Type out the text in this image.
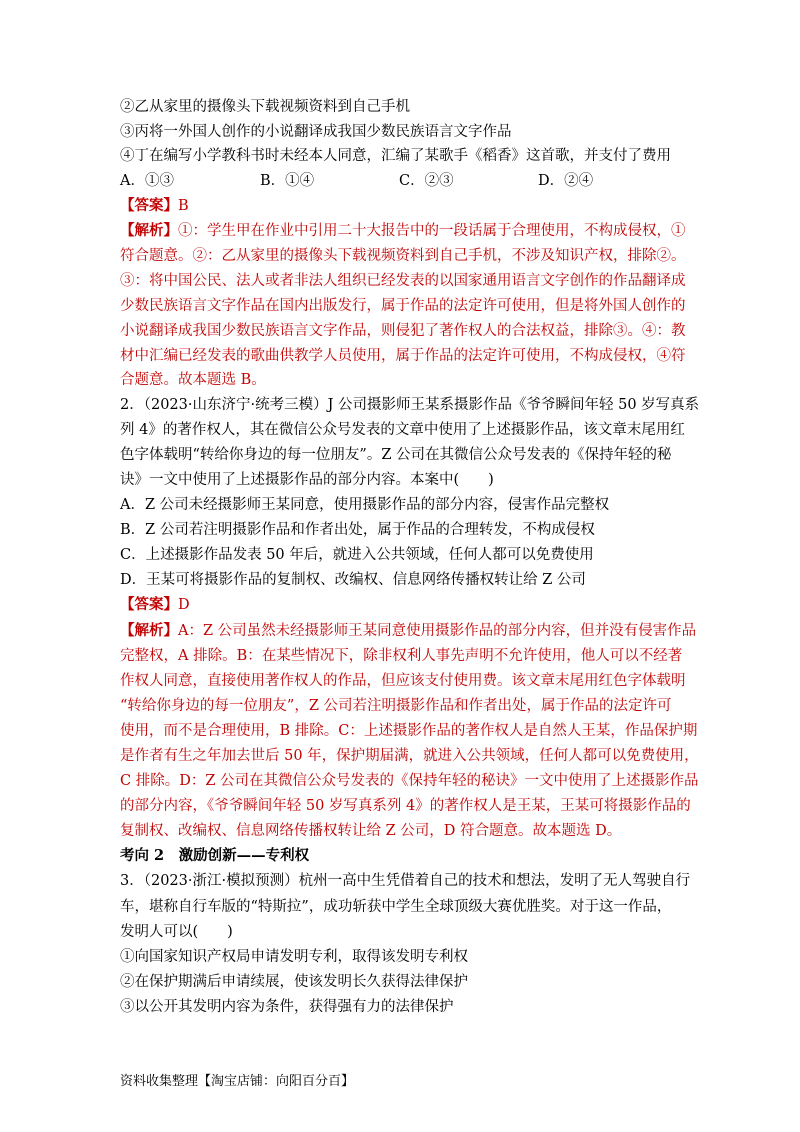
②乙从家里的摄像头下载视频资料到自己手机
③丙将一外国人创作的小说翻译成我国少数民族语言文字作品
④丁在编写小学教科书时未经本人同意，汇编了某歌手《稻香》这首歌，并支付了费用
A．①③	B．①④	C．②③	D．②④
【答案】B
【解析】①：学生甲在作业中引用二十大报告中的一段话属于合理使用，不构成侵权，①
符合题意。②：乙从家里的摄像头下载视频资料到自己手机，不涉及知识产权，排除②。
③：将中国公民、法人或者非法人组织已经发表的以国家通用语言文字创作的作品翻译成
少数民族语言文字作品在国内出版发行，属于作品的法定许可使用，但是将外国人创作的
小说翻译成我国少数民族语言文字作品，则侵犯了著作权人的合法权益，排除③。④：教
材中汇编已经发表的歌曲供教学人员使用，属于作品的法定许可使用，不构成侵权，④符
合题意。故本题选 B。
2．（2023·山东济宁·统考三模）J 公司摄影师王某系摄影作品《爷爷瞬间年轻 50 岁写真系
列 4》的著作权人，其在微信公众号发表的文章中使用了上述摄影作品，该文章末尾用红
色字体载明“转给你身边的每一位朋友”。Z 公司在其微信公众号发表的《保持年轻的秘
诀》一文中使用了上述摄影作品的部分内容。本案中(　　)
A．Z 公司未经摄影师王某同意，使用摄影作品的部分内容，侵害作品完整权
B．Z 公司若注明摄影作品和作者出处，属于作品的合理转发，不构成侵权
C．上述摄影作品发表 50 年后，就进入公共领域，任何人都可以免费使用
D．王某可将摄影作品的复制权、改编权、信息网络传播权转让给 Z 公司
【答案】D
【解析】A：Z 公司虽然未经摄影师王某同意使用摄影作品的部分内容，但并没有侵害作品
完整权，A 排除。B：在某些情况下，除非权利人事先声明不允许使用，他人可以不经著
作权人同意，直接使用著作权人的作品，但应该支付使用费。该文章末尾用红色字体载明
“转给你身边的每一位朋友”，Z 公司若注明摄影作品和作者出处，属于作品的法定许可
使用，而不是合理使用，B 排除。C：上述摄影作品的著作权人是自然人王某，作品保护期
是作者有生之年加去世后 50 年，保护期届满，就进入公共领域，任何人都可以免费使用，
C 排除。D：Z 公司在其微信公众号发表的《保持年轻的秘诀》一文中使用了上述摄影作品
的部分内容，《爷爷瞬间年轻 50 岁写真系列 4》的著作权人是王某，王某可将摄影作品的
复制权、改编权、信息网络传播权转让给 Z 公司，D 符合题意。故本题选 D。
考向 2　激励创新——专利权
3．（2023·浙江·模拟预测）杭州一高中生凭借着自己的技术和想法，发明了无人驾驶自行
车，堪称自行车版的“特斯拉”，成功斩获中学生全球顶级大赛优胜奖。对于这一作品，
发明人可以(　　)
①向国家知识产权局申请发明专利，取得该发明专利权
②在保护期满后申请续展，使该发明长久获得法律保护
③以公开其发明内容为条件，获得强有力的法律保护
资料收集整理【淘宝店铺：向阳百分百】
